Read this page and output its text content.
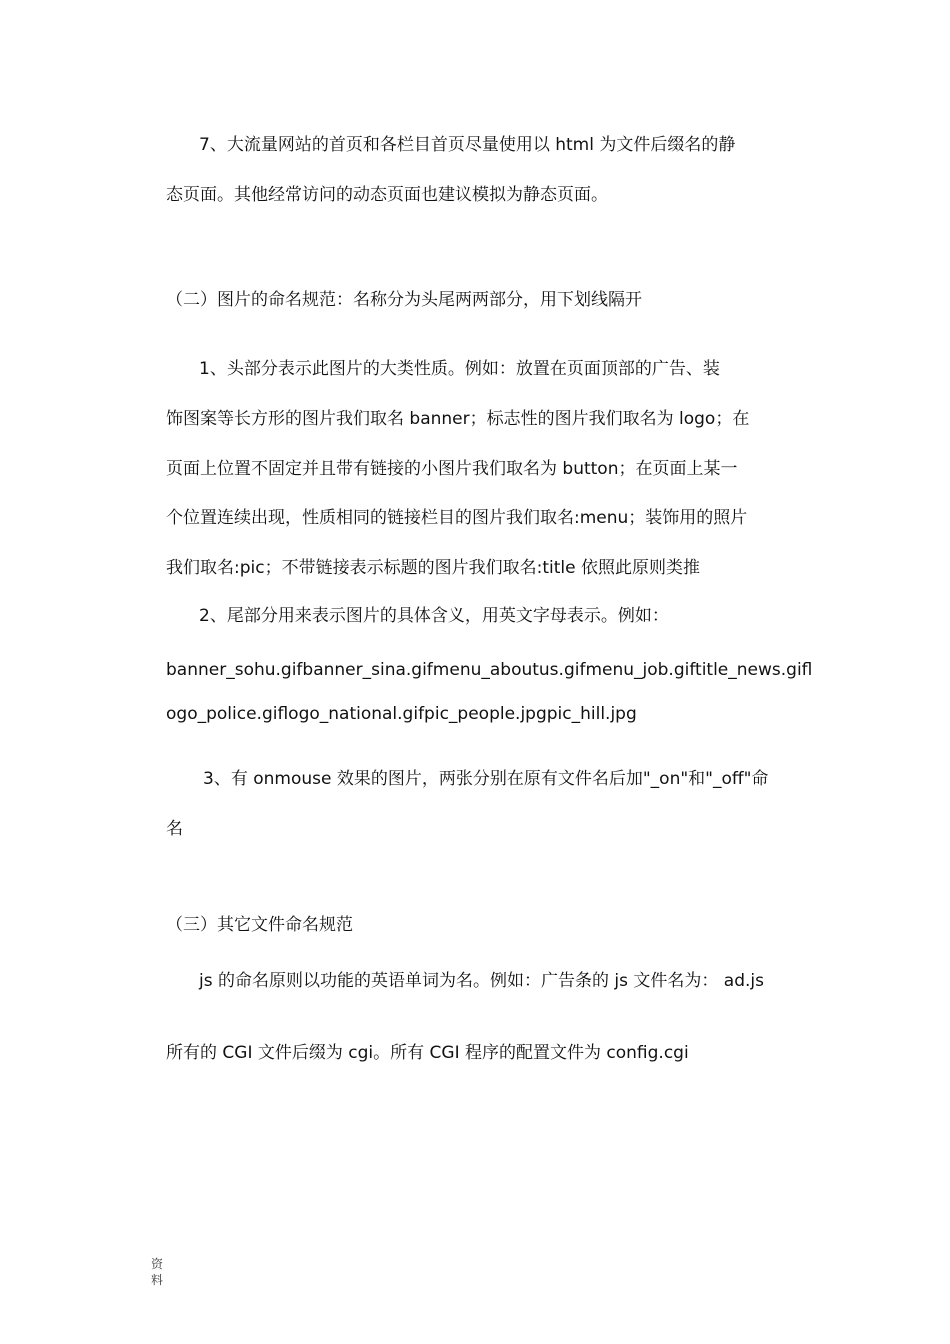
7、大流量网站的首页和各栏目首页尽量使用以 html 为文件后缀名的静
态页面。其他经常访问的动态页面也建议模拟为静态页面。
（二）图片的命名规范：名称分为头尾两两部分，用下划线隔开
1、头部分表示此图片的大类性质。例如：放置在页面顶部的广告、装
饰图案等长方形的图片我们取名 banner；标志性的图片我们取名为 logo；在
页面上位置不固定并且带有链接的小图片我们取名为 button；在页面上某一
个位置连续出现，性质相同的链接栏目的图片我们取名:menu；装饰用的照片
我们取名:pic；不带链接表示标题的图片我们取名:title 依照此原则类推
2、尾部分用来表示图片的具体含义，用英文字母表示。例如：
banner_sohu.gifbanner_sina.gifmenu_aboutus.gifmenu_job.giftitle_news.gifl
ogo_police.giflogo_national.gifpic_people.jpgpic_hill.jpg
3、有 onmouse 效果的图片，两张分别在原有文件名后加"_on"和"_off"命
名
（三）其它文件命名规范
js 的命名原则以功能的英语单词为名。例如：广告条的 js 文件名为： ad.js
所有的 CGI 文件后缀为 cgi。所有 CGI 程序的配置文件为 config.cgi
资料
